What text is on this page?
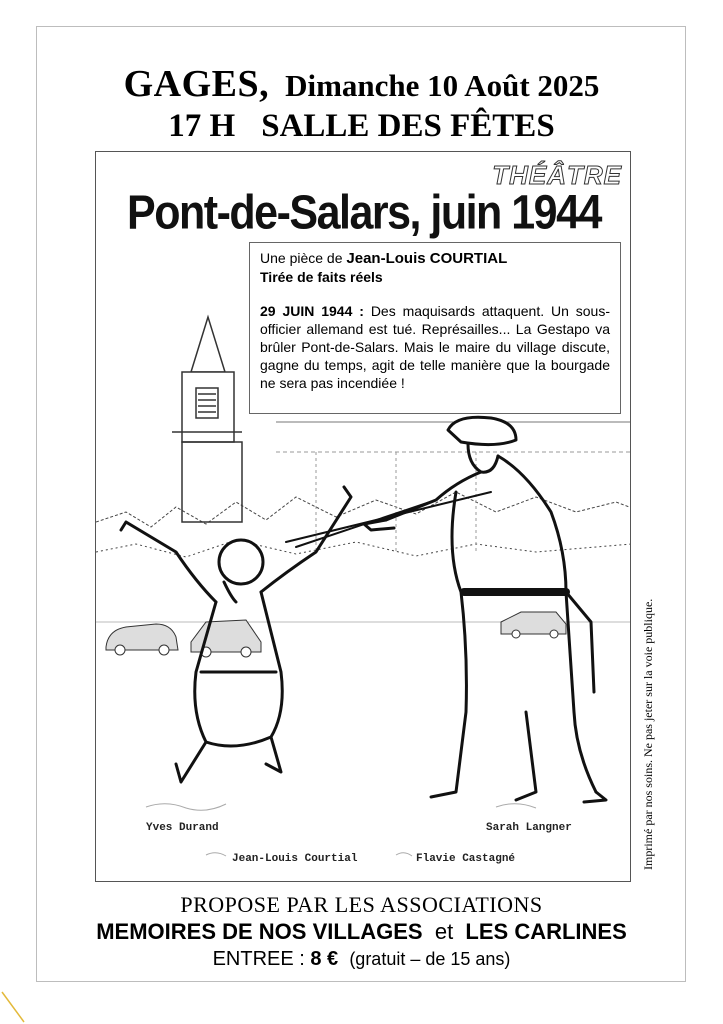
GAGES, Dimanche 10 Août 2025
17 H SALLE DES FÊTES
THÉÂTRE
Pont-de-Salars, juin 1944
Une pièce de Jean-Louis COURTIAL
Tirée de faits réels
29 JUIN 1944 : Des maquisards attaquent. Un sous-officier allemand est tué. Représailles... La Gestapo va brûler Pont-de-Salars. Mais le maire du village discute, gagne du temps, agit de telle manière que la bourgade ne sera pas incendiée !
Yves Durand	Sarah Langner
Jean-Louis Courtial	Flavie Castagné	Imprimé par nos soins. Ne pas jeter sur la voie publique.
PROPOSE PAR LES ASSOCIATIONS
MEMOIRES DE NOS VILLAGES et LES CARLINES
ENTREE : 8 € (gratuit – de 15 ans)
